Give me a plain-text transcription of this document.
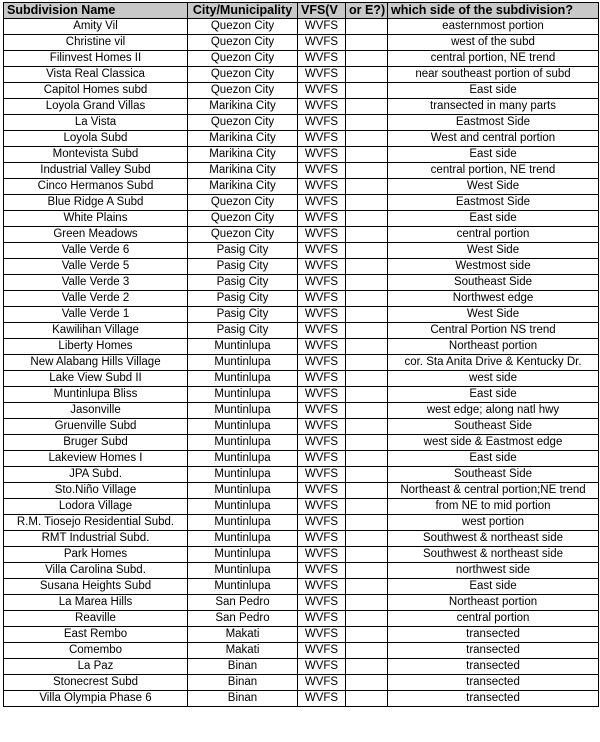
Subdivision Name	City/Municipality	VFS(V	or E?)	which side of the subdivision?
Amity Vil	Quezon City	WVFS		easternmost portion
Christine vil	Quezon City	WVFS		west of the subd
Filinvest Homes II	Quezon City	WVFS		central portion, NE trend
Vista Real Classica	Quezon City	WVFS		near southeast portion of subd
Capitol Homes subd	Quezon City	WVFS		East side
Loyola Grand Villas	Marikina City	WVFS		transected in many parts
La Vista	Quezon City	WVFS		Eastmost Side
Loyola Subd	Marikina City	WVFS		West and central portion
Montevista Subd	Marikina City	WVFS		East side
Industrial Valley Subd	Marikina City	WVFS		central portion, NE trend
Cinco Hermanos Subd	Marikina City	WVFS		West Side
Blue Ridge A Subd	Quezon City	WVFS		Eastmost Side
White Plains	Quezon City	WVFS		East side
Green Meadows	Quezon City	WVFS		central portion
Valle Verde 6	Pasig City	WVFS		West Side
Valle Verde 5	Pasig City	WVFS		Westmost side
Valle Verde 3	Pasig City	WVFS		Southeast Side
Valle Verde 2	Pasig City	WVFS		Northwest edge
Valle Verde 1	Pasig City	WVFS		West Side
Kawilihan Village	Pasig City	WVFS		Central Portion NS trend
Liberty Homes	Muntinlupa	WVFS		Northeast portion
New Alabang Hills Village	Muntinlupa	WVFS		cor. Sta Anita Drive & Kentucky Dr.
Lake View Subd II	Muntinlupa	WVFS		west side
Muntinlupa Bliss	Muntinlupa	WVFS		East side
Jasonville	Muntinlupa	WVFS		west edge; along natl hwy
Gruenville Subd	Muntinlupa	WVFS		Southeast Side
Bruger Subd	Muntinlupa	WVFS		west side & Eastmost edge
Lakeview Homes I	Muntinlupa	WVFS		East side
JPA Subd.	Muntinlupa	WVFS		Southeast Side
Sto.Niño Village	Muntinlupa	WVFS		Northeast & central portion;NE trend
Lodora Village	Muntinlupa	WVFS		from NE to mid portion
R.M. Tiosejo Residential Subd.	Muntinlupa	WVFS		west portion
RMT Industrial Subd.	Muntinlupa	WVFS		Southwest & northeast side
Park Homes	Muntinlupa	WVFS		Southwest & northeast side
Villa Carolina Subd.	Muntinlupa	WVFS		northwest side
Susana Heights Subd	Muntinlupa	WVFS		East side
La Marea Hills	San Pedro	WVFS		Northeast portion
Reaville	San Pedro	WVFS		central portion
East Rembo	Makati	WVFS		transected
Comembo	Makati	WVFS		transected
La Paz	Binan	WVFS		transected
Stonecrest Subd	Binan	WVFS		transected
Villa Olympia Phase 6	Binan	WVFS		transected
